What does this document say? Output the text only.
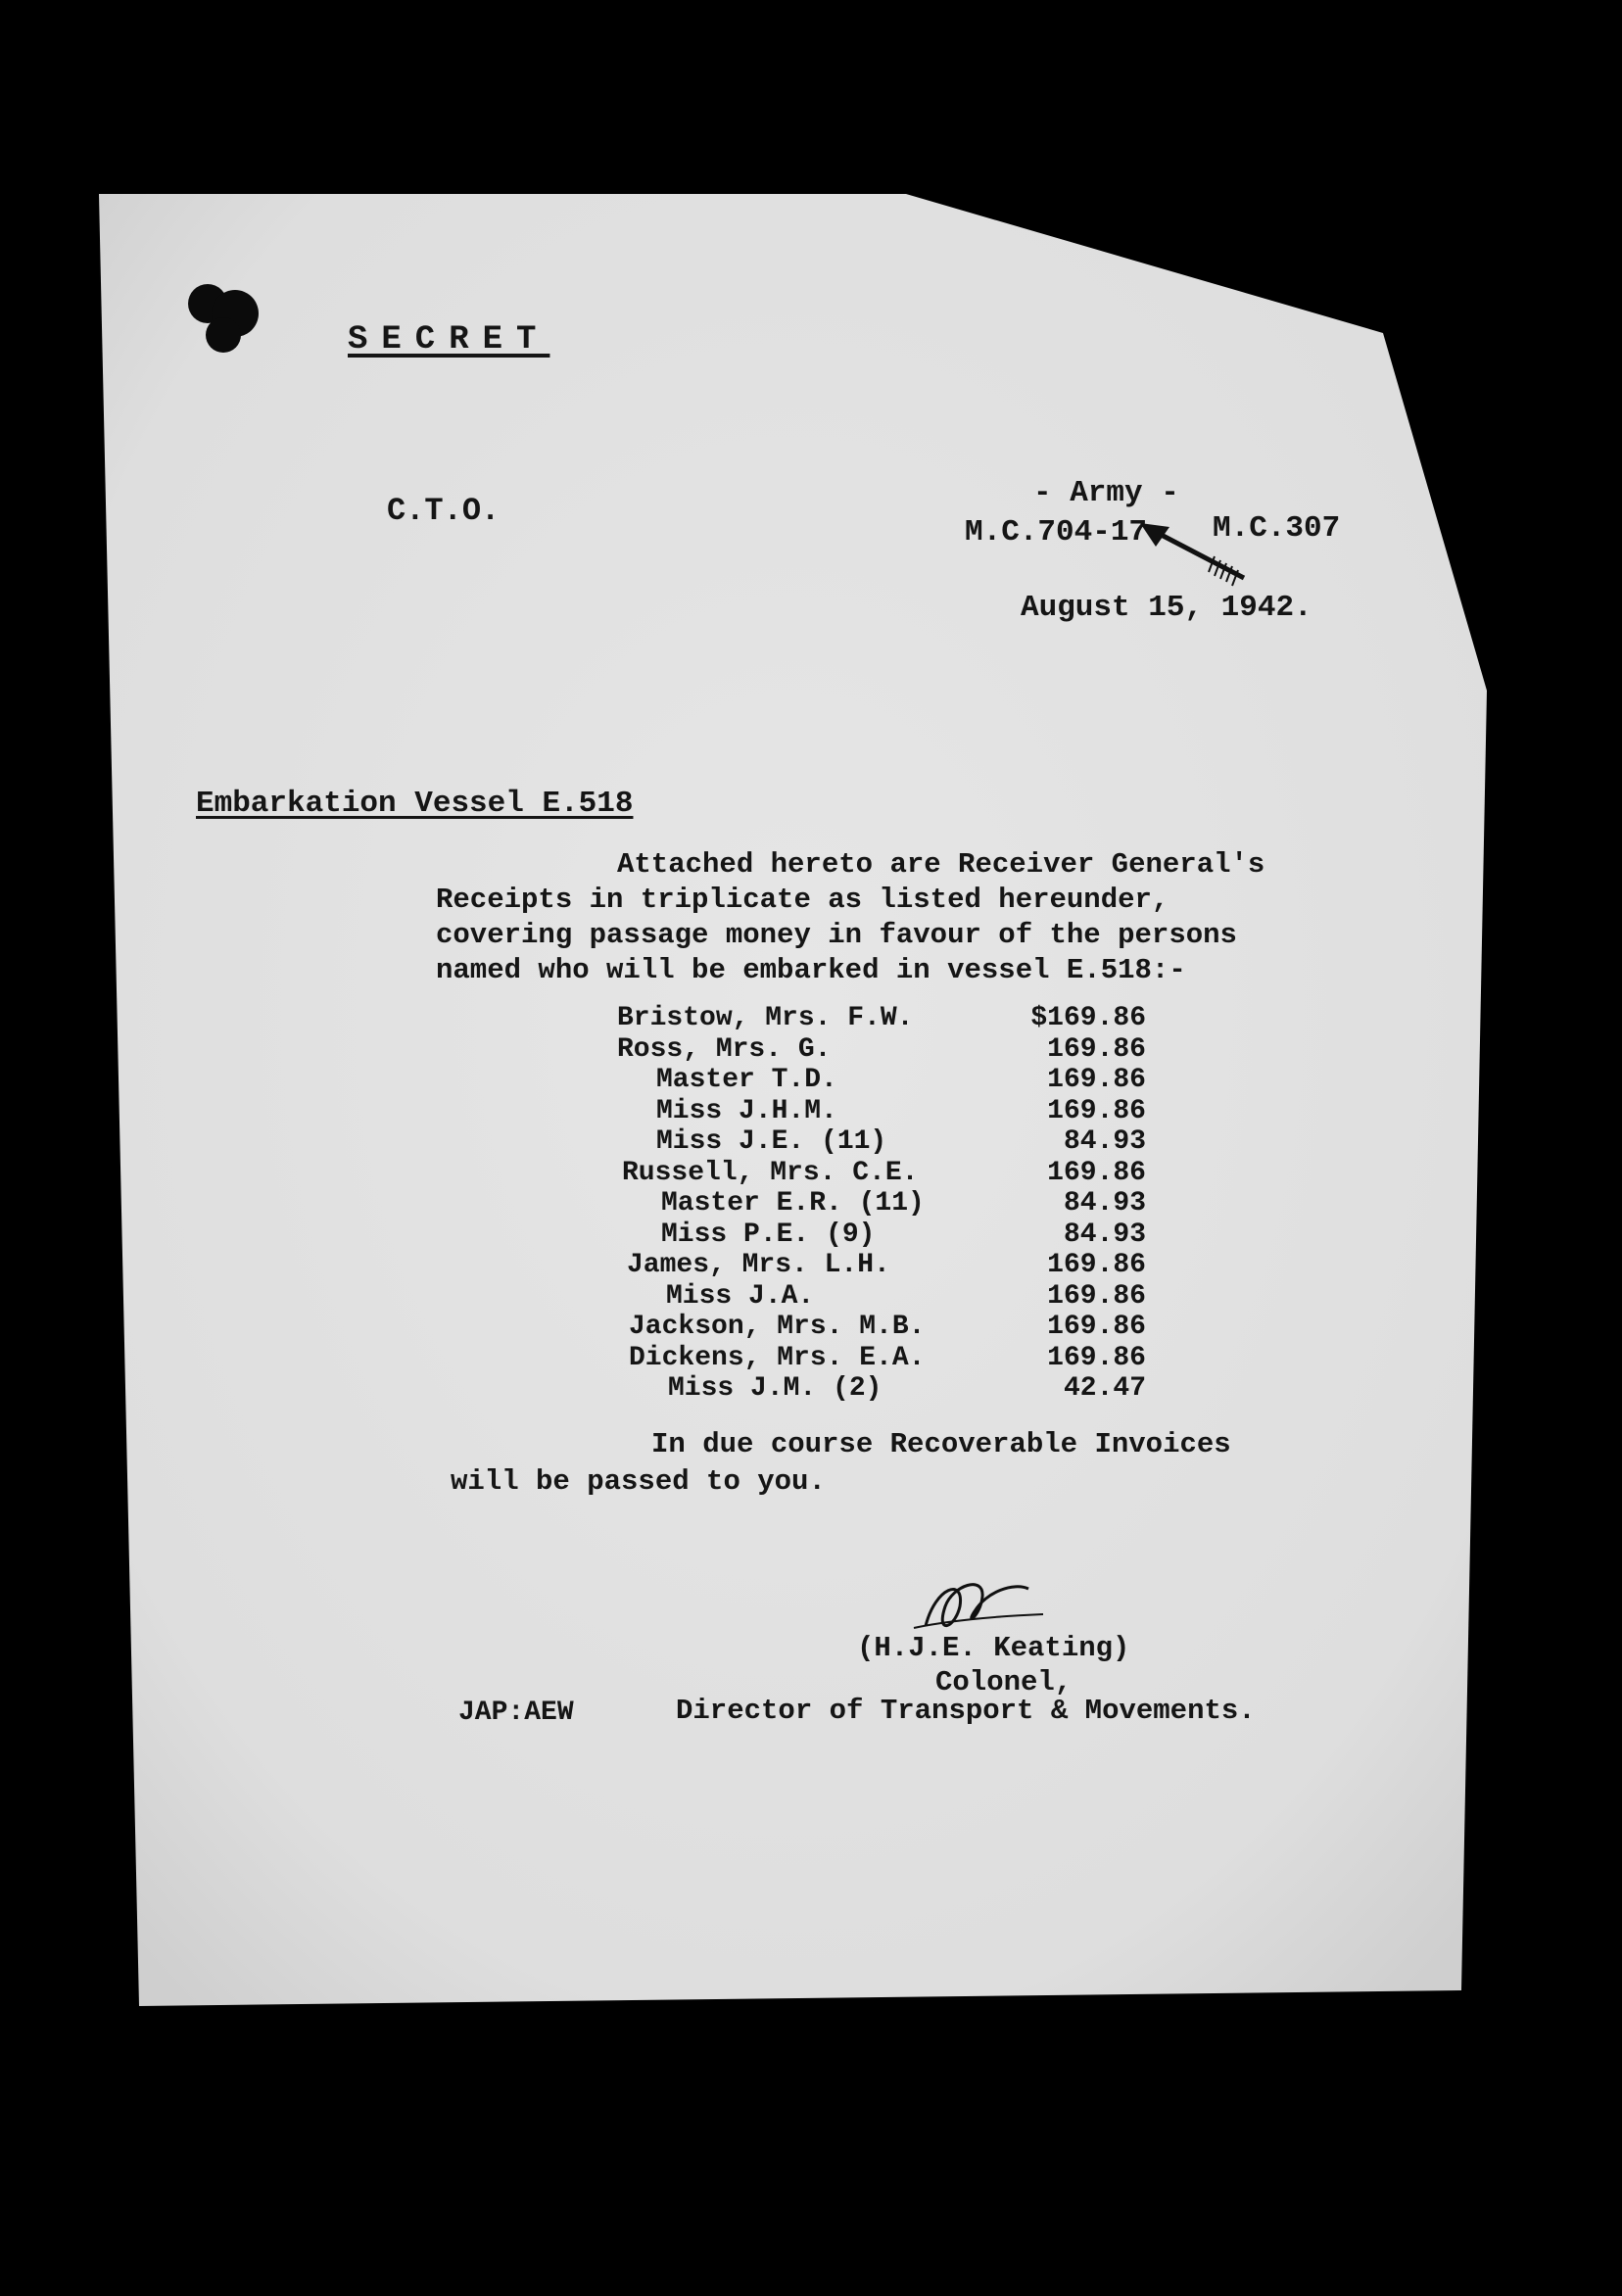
SECRET
C.T.O.	- Army -
M.C.704-17 M.C.307
August 15, 1942.
Embarkation Vessel E.518
Attached hereto are Receiver General's
Receipts in triplicate as listed hereunder,
covering passage money in favour of the persons
named who will be embarked in vessel E.518:-
Bristow, Mrs. F.W.	$169.86
Ross, Mrs. G.	169.86
Master T.D.	169.86
Miss J.H.M.	169.86
Miss J.E. (11)	84.93
Russell, Mrs. C.E.	169.86
Master E.R. (11)	84.93
Miss P.E. (9)	84.93
James, Mrs. L.H.	169.86
Miss J.A.	169.86
Jackson, Mrs. M.B.	169.86
Dickens, Mrs. E.A.	169.86
Miss J.M. (2)	42.47
In due course Recoverable Invoices
will be passed to you.
(H.J.E. Keating)
Colonel,
JAP:AEW	Director of Transport & Movements.
